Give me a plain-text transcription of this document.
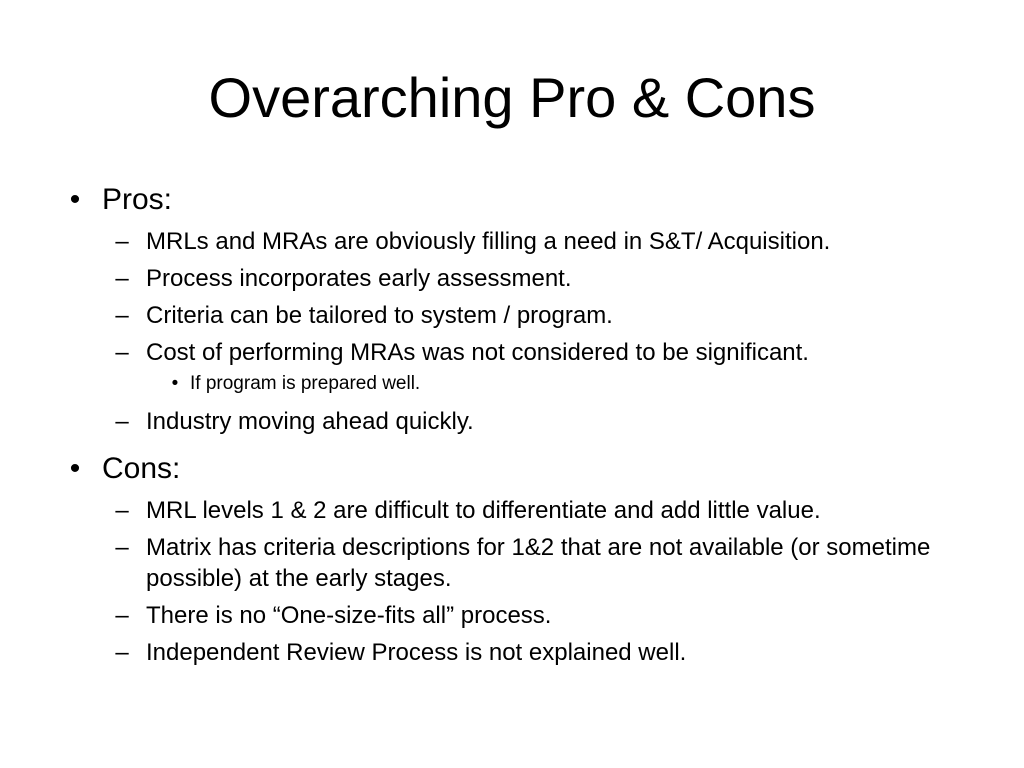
Overarching Pro & Cons
• Pros:
– MRLs and MRAs are obviously filling a need in S&T/ Acquisition.
– Process incorporates early assessment.
– Criteria can be tailored to system / program.
– Cost of performing MRAs was not considered to be significant.
• If program is prepared well.
– Industry moving ahead quickly.
• Cons:
– MRL levels 1 & 2 are difficult to differentiate and add little value.
– Matrix has criteria descriptions for 1&2 that are not available (or sometime possible) at the early stages.
– There is no “One-size-fits all” process.
– Independent Review Process is not explained well.
